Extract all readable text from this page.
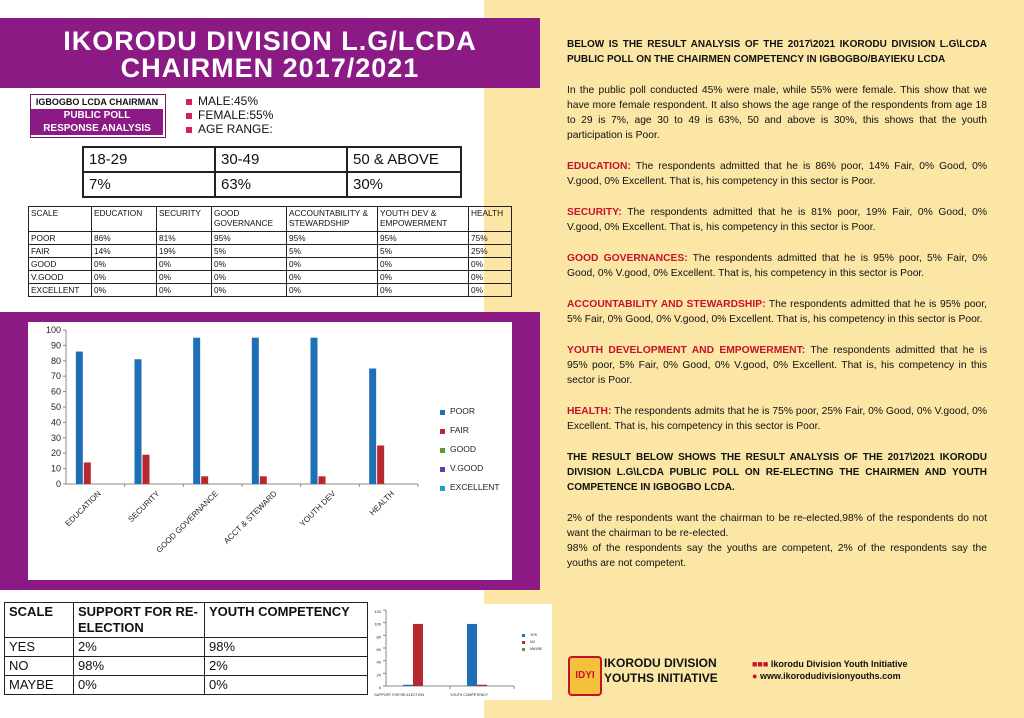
IKORODU DIVISION L.G/LCDA
CHAIRMEN 2017/2021
IGBOGBO LCDA CHAIRMAN
PUBLIC POLL
RESPONSE ANALYSIS
MALE:45%
FEMALE:55%
AGE RANGE:
18-29	30-49	50 & ABOVE
7%	63%	30%
SCALE	EDUCATION	SECURITY	GOOD GOVERNANCE	ACCOUNTABILITY & STEWARDSHIP	YOUTH DEV & EMPOWERMENT	HEALTH
POOR	86%	81%	95%	95%	95%	75%
FAIR	14%	19%	5%	5%	5%	25%
GOOD	0%	0%	0%	0%	0%	0%
V.GOOD	0%	0%	0%	0%	0%	0%
EXCELLENT	0%	0%	0%	0%	0%	0%
0
10
20
30
40
50
60
70
80
90
100
EDUCATION	SECURITY
GOOD GOVERNANCE ACCT & STEWARD YOUTH DEV	HEALTH
POOR
FAIR
GOOD
V.GOOD
EXCELLENT
SCALE	SUPPORT FOR RE-ELECTION	YOUTH COMPETENCY
YES	2%	98%
NO	98%	2%
MAYBE	0%	0%	0
20
40
60
80
100
120
SUPPORT FOR RE-ELECTION	YOUTH COMPETENCY
YES
NO
MAYBE

BELOW IS THE RESULT ANALYSIS OF THE 2017\2021 IKORODU DIVISION L.G\LCDA PUBLIC POLL ON THE CHAIRMEN COMPETENCY IN IGBOGBO/BAYIEKU LCDA

In the public poll conducted 45% were male, while 55% were female. This show that we have more female respondent. It also shows the age range of the respondents from age 18 to 29 is 7%, age 30 to 49 is 63%, 50 and above is 30%, this shows that the youth participation is Poor.

EDUCATION: The respondents admitted that he is 86% poor, 14% Fair, 0% Good, 0% V.good, 0% Excellent. That is, his competency in this sector is Poor.

SECURITY: The respondents admitted that he is 81% poor, 19% Fair, 0% Good, 0% V.good, 0% Excellent. That is, his competency in this sector is Poor.

GOOD GOVERNANCES: The respondents admitted that he is 95% poor, 5% Fair, 0% Good, 0% V.good, 0% Excellent. That is, his competency in this sector is Poor.

ACCOUNTABILITY AND STEWARDSHIP: The respondents admitted that he is 95% poor, 5% Fair, 0% Good, 0% V.good, 0% Excellent. That is, his competency in this sector is Poor.

YOUTH DEVELOPMENT AND EMPOWERMENT: The respondents admitted that he is 95% poor, 5% Fair, 0% Good, 0% V.good, 0% Excellent. That is, his competency in this sector is Poor.

HEALTH: The respondents admits that he is 75% poor, 25% Fair, 0% Good, 0% V.good, 0% Excellent. That is, his competency in this sector is Poor.

THE RESULT BELOW SHOWS THE RESULT ANALYSIS OF THE 2017\2021 IKORODU DIVISION L.G\LCDA PUBLIC POLL ON RE-ELECTING THE CHAIRMEN AND YOUTH COMPETENCE IN IGBOGBO LCDA.

2% of the respondents want the chairman to be re-elected,98% of the respondents do not want the chairman to be re-elected.

98% of the respondents say the youths are competent, 2% of the respondents say the youths are not competent.

IDYI
IKORODU DIVISION
YOUTHS INITIATIVE
■■■ Ikorodu Division Youth Initiative
● www.ikorodudivisionyouths.com
